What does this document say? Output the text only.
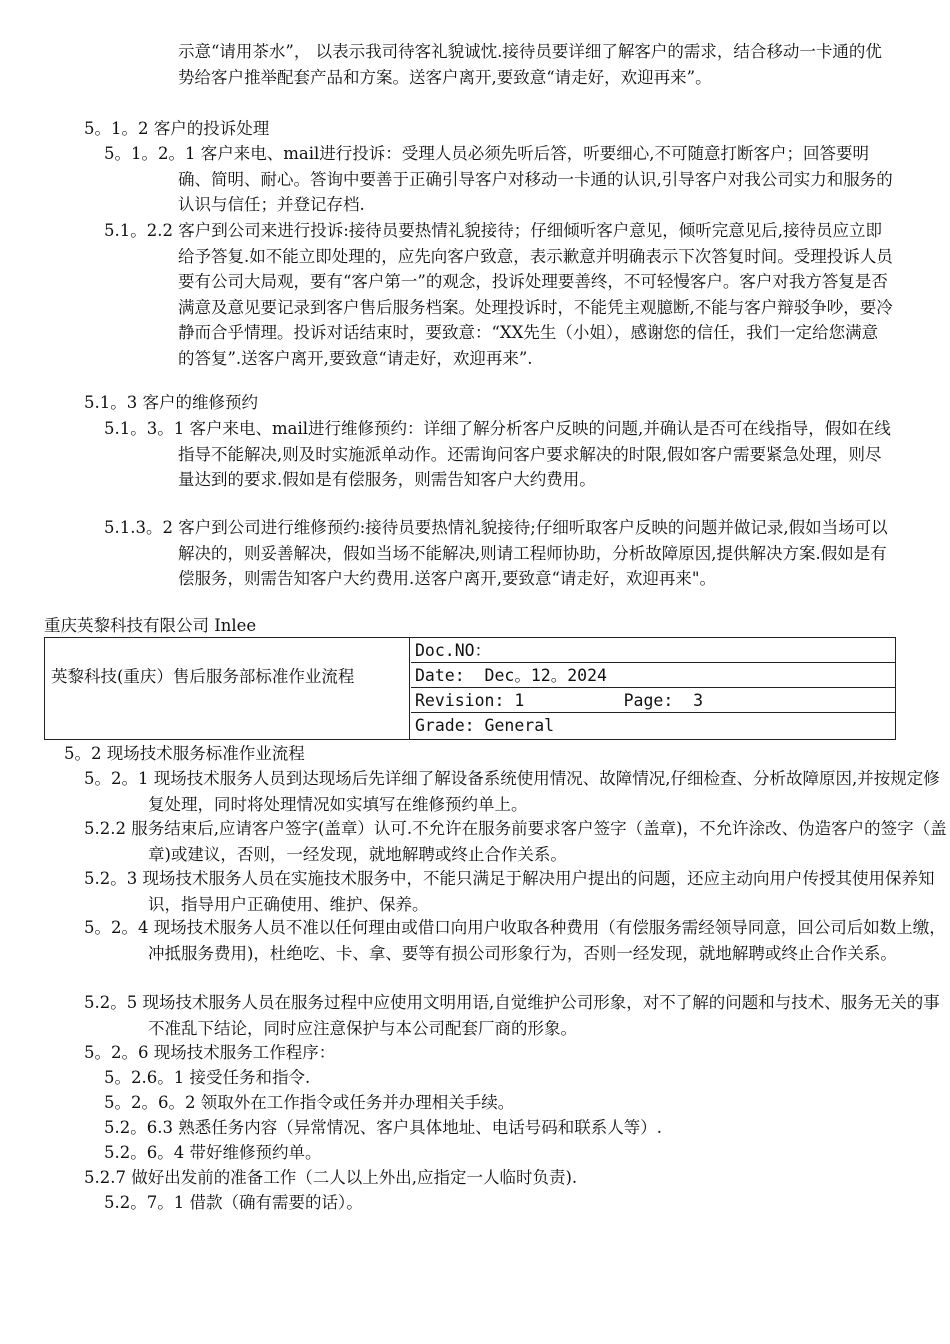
示意“请用茶水”， 以表示我司待客礼貌诚忱.接待员要详细了解客户的需求，结合移动一卡通的优势给客户推举配套产品和方案。送客户离开,要致意“请走好，欢迎再来”。

5。1。2 客户的投诉处理

5。1。2。1 客户来电、mail进行投诉：受理人员必须先听后答，听要细心,不可随意打断客户；回答要明确、简明、耐心。答询中要善于正确引导客户对移动一卡通的认识,引导客户对我公司实力和服务的认识与信任；并登记存档.

5.1。2.2 客户到公司来进行投诉:接待员要热情礼貌接待；仔细倾听客户意见，倾听完意见后,接待员应立即给予答复.如不能立即处理的，应先向客户致意，表示歉意并明确表示下次答复时间。受理投诉人员要有公司大局观，要有“客户第一”的观念，投诉处理要善终，不可轻慢客户。客户对我方答复是否满意及意见要记录到客户售后服务档案。处理投诉时，不能凭主观臆断,不能与客户辩驳争吵，要冷静而合乎情理。投诉对话结束时，要致意：“XX先生（小姐），感谢您的信任，我们一定给您满意的答复”.送客户离开,要致意“请走好，欢迎再来”.

5.1。3 客户的维修预约

5.1。3。1 客户来电、mail进行维修预约：详细了解分析客户反映的问题,并确认是否可在线指导，假如在线指导不能解决,则及时实施派单动作。还需询问客户要求解决的时限,假如客户需要紧急处理，则尽量达到的要求.假如是有偿服务，则需告知客户大约费用。

5.1.3。2 客户到公司进行维修预约:接待员要热情礼貌接待;仔细听取客户反映的问题并做记录,假如当场可以解决的，则妥善解决，假如当场不能解决,则请工程师协助，分析故障原因,提供解决方案.假如是有偿服务，则需告知客户大约费用.送客户离开,要致意“请走好，欢迎再来"。

重庆英黎科技有限公司 Inlee

英黎科技(重庆）售后服务部标准作业流程
Doc.NO：
Date:  Dec。12。2024
Revision: 1          Page:  3
Grade: General

5。2 现场技术服务标准作业流程

5。2。1 现场技术服务人员到达现场后先详细了解设备系统使用情况、故障情况,仔细检查、分析故障原因,并按规定修复处理，同时将处理情况如实填写在维修预约单上。

5.2.2 服务结束后,应请客户签字(盖章）认可.不允许在服务前要求客户签字（盖章)，不允许涂改、伪造客户的签字（盖章)或建议，否则，一经发现，就地解聘或终止合作关系。

5.2。3 现场技术服务人员在实施技术服务中，不能只满足于解决用户提出的问题，还应主动向用户传授其使用保养知识，指导用户正确使用、维护、保养。

5。2。4 现场技术服务人员不准以任何理由或借口向用户收取各种费用（有偿服务需经领导同意，回公司后如数上缴，冲抵服务费用)，杜绝吃、卡、拿、要等有损公司形象行为，否则一经发现，就地解聘或终止合作关系。

5.2。5 现场技术服务人员在服务过程中应使用文明用语,自觉维护公司形象，对不了解的问题和与技术、服务无关的事不准乱下结论，同时应注意保护与本公司配套厂商的形象。

5。2。6 现场技术服务工作程序：

5。2.6。1 接受任务和指令.

5。2。6。2 领取外在工作指令或任务并办理相关手续。

5.2。6.3 熟悉任务内容（异常情况、客户具体地址、电话号码和联系人等）.

5.2。6。4 带好维修预约单。

5.2.7 做好出发前的准备工作（二人以上外出,应指定一人临时负责).

5.2。7。1 借款（确有需要的话）。
